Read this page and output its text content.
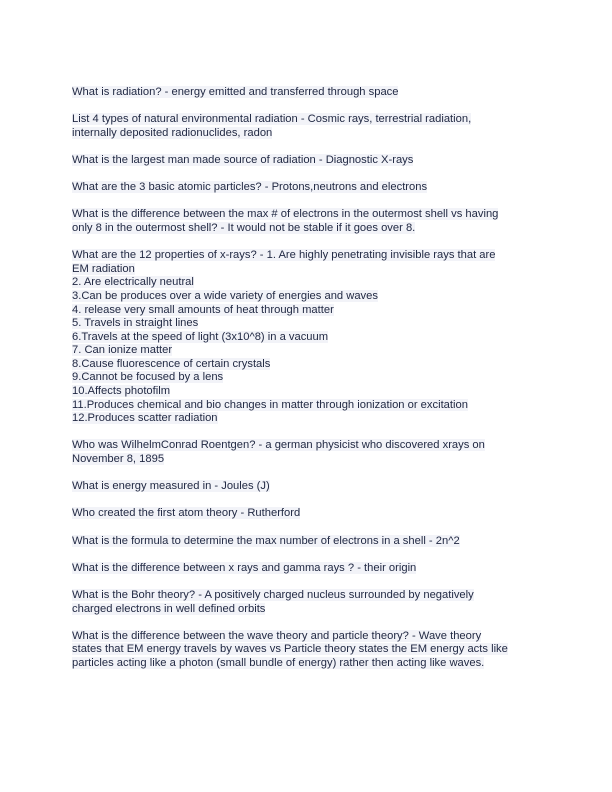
What is radiation? - energy emitted and transferred through space
List 4 types of natural environmental radiation - Cosmic rays, terrestrial radiation,
internally deposited radionuclides, radon
What is the largest man made source of radiation - Diagnostic X-rays
What are the 3 basic atomic particles? - Protons,neutrons and electrons
What is the difference between the max # of electrons in the outermost shell vs having
only 8 in the outermost shell? - It would not be stable if it goes over 8.
What are the 12 properties of x-rays? - 1. Are highly penetrating invisible rays that are
EM radiation
2. Are electrically neutral
3.Can be produces over a wide variety of energies and waves
4. release very small amounts of heat through matter
5. Travels in straight lines
6.Travels at the speed of light (3x10^8) in a vacuum
7. Can ionize matter
8.Cause fluorescence of certain crystals
9.Cannot be focused by a lens
10.Affects photofilm
11.Produces chemical and bio changes in matter through ionization or excitation
12.Produces scatter radiation
Who was WilhelmConrad Roentgen? - a german physicist who discovered xrays on
November 8, 1895
What is energy measured in - Joules (J)
Who created the first atom theory - Rutherford
What is the formula to determine the max number of electrons in a shell - 2n^2
What is the difference between x rays and gamma rays ? - their origin
What is the Bohr theory? - A positively charged nucleus surrounded by negatively
charged electrons in well defined orbits
What is the difference between the wave theory and particle theory? - Wave theory
states that EM energy travels by waves vs Particle theory states the EM energy acts like
particles acting like a photon (small bundle of energy) rather then acting like waves.
